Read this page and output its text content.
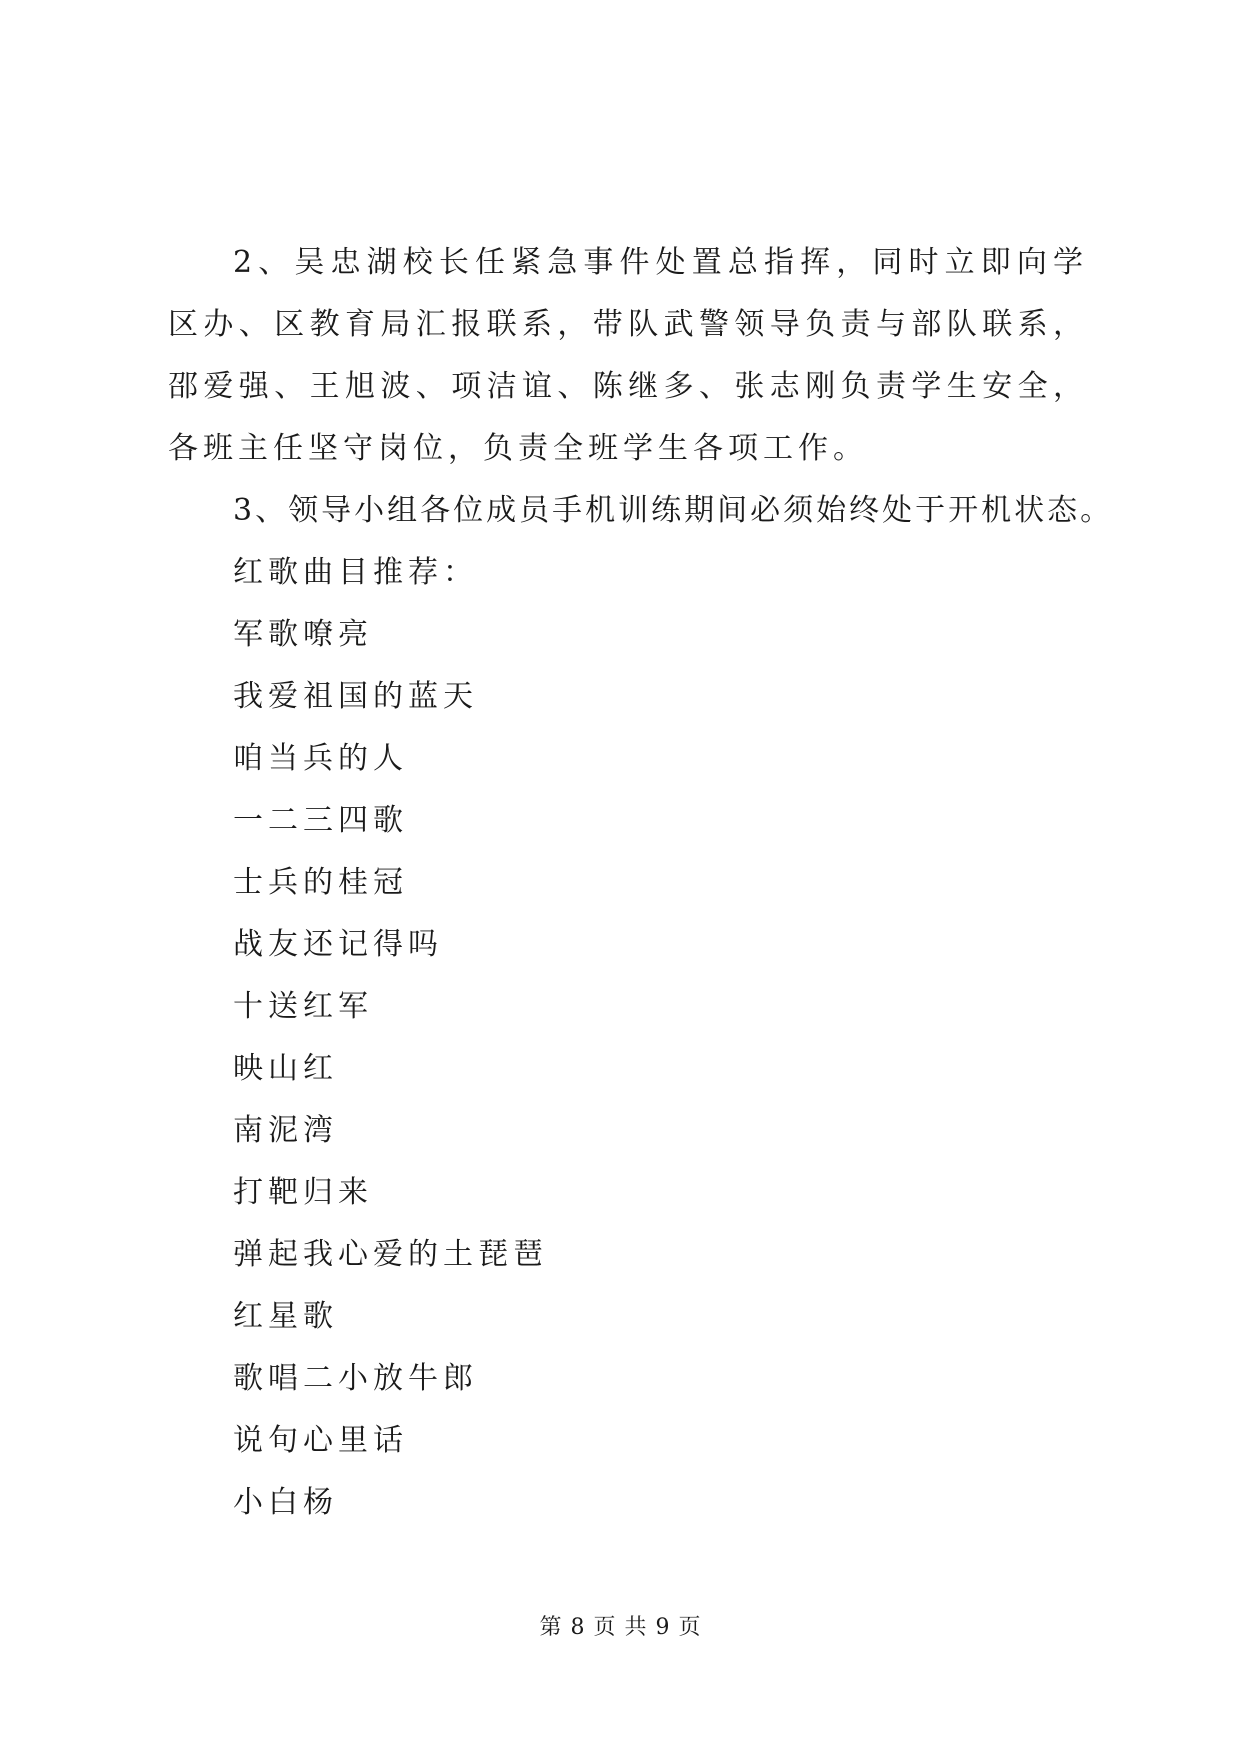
2、吴忠湖校长任紧急事件处置总指挥，同时立即向学区办、区教育局汇报联系，带队武警领导负责与部队联系，邵爱强、王旭波、项洁谊、陈继多、张志刚负责学生安全，各班主任坚守岗位，负责全班学生各项工作。

3、领导小组各位成员手机训练期间必须始终处于开机状态。

红歌曲目推荐：

军歌嘹亮
我爱祖国的蓝天
咱当兵的人
一二三四歌
士兵的桂冠
战友还记得吗
十送红军
映山红
南泥湾
打靶归来
弹起我心爱的土琵琶
红星歌
歌唱二小放牛郎
说句心里话
小白杨
第 8 页 共 9 页
